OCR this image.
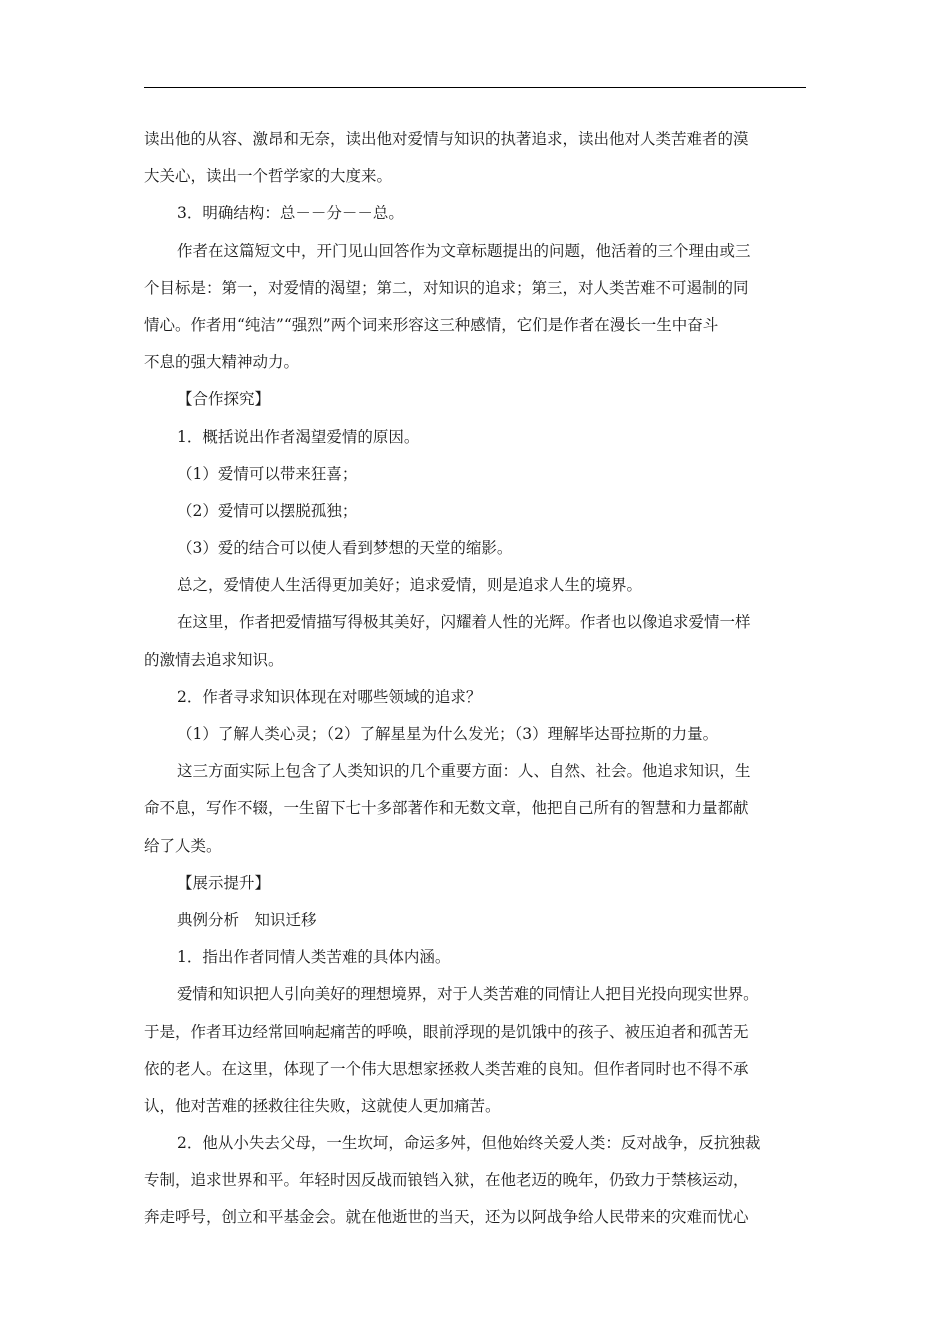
读出他的从容、激昂和无奈，读出他对爱情与知识的执著追求，读出他对人类苦难者的漠
大关心，读出一个哲学家的大度来。
3．明确结构：总－－分－－总。
作者在这篇短文中，开门见山回答作为文章标题提出的问题，他活着的三个理由或三
个目标是：第一，对爱情的渴望；第二，对知识的追求；第三，对人类苦难不可遏制的同
情心。作者用“纯洁”“强烈”两个词来形容这三种感情，它们是作者在漫长一生中奋斗
不息的强大精神动力。
【合作探究】
1．概括说出作者渴望爱情的原因。
（1）爱情可以带来狂喜；
（2）爱情可以摆脱孤独；
（3）爱的结合可以使人看到梦想的天堂的缩影。
总之，爱情使人生活得更加美好；追求爱情，则是追求人生的境界。
在这里，作者把爱情描写得极其美好，闪耀着人性的光辉。作者也以像追求爱情一样
的激情去追求知识。
2．作者寻求知识体现在对哪些领域的追求？
（1）了解人类心灵；（2）了解星星为什么发光；（3）理解毕达哥拉斯的力量。
这三方面实际上包含了人类知识的几个重要方面：人、自然、社会。他追求知识，生
命不息，写作不辍，一生留下七十多部著作和无数文章，他把自己所有的智慧和力量都献
给了人类。
【展示提升】
典例分析　知识迁移
1．指出作者同情人类苦难的具体内涵。
爱情和知识把人引向美好的理想境界，对于人类苦难的同情让人把目光投向现实世界。
于是，作者耳边经常回响起痛苦的呼唤，眼前浮现的是饥饿中的孩子、被压迫者和孤苦无
依的老人。在这里，体现了一个伟大思想家拯救人类苦难的良知。但作者同时也不得不承
认，他对苦难的拯救往往失败，这就使人更加痛苦。
2．他从小失去父母，一生坎坷，命运多舛，但他始终关爱人类：反对战争，反抗独裁
专制，追求世界和平。年轻时因反战而锒铛入狱，在他老迈的晚年，仍致力于禁核运动，
奔走呼号，创立和平基金会。就在他逝世的当天，还为以阿战争给人民带来的灾难而忧心
